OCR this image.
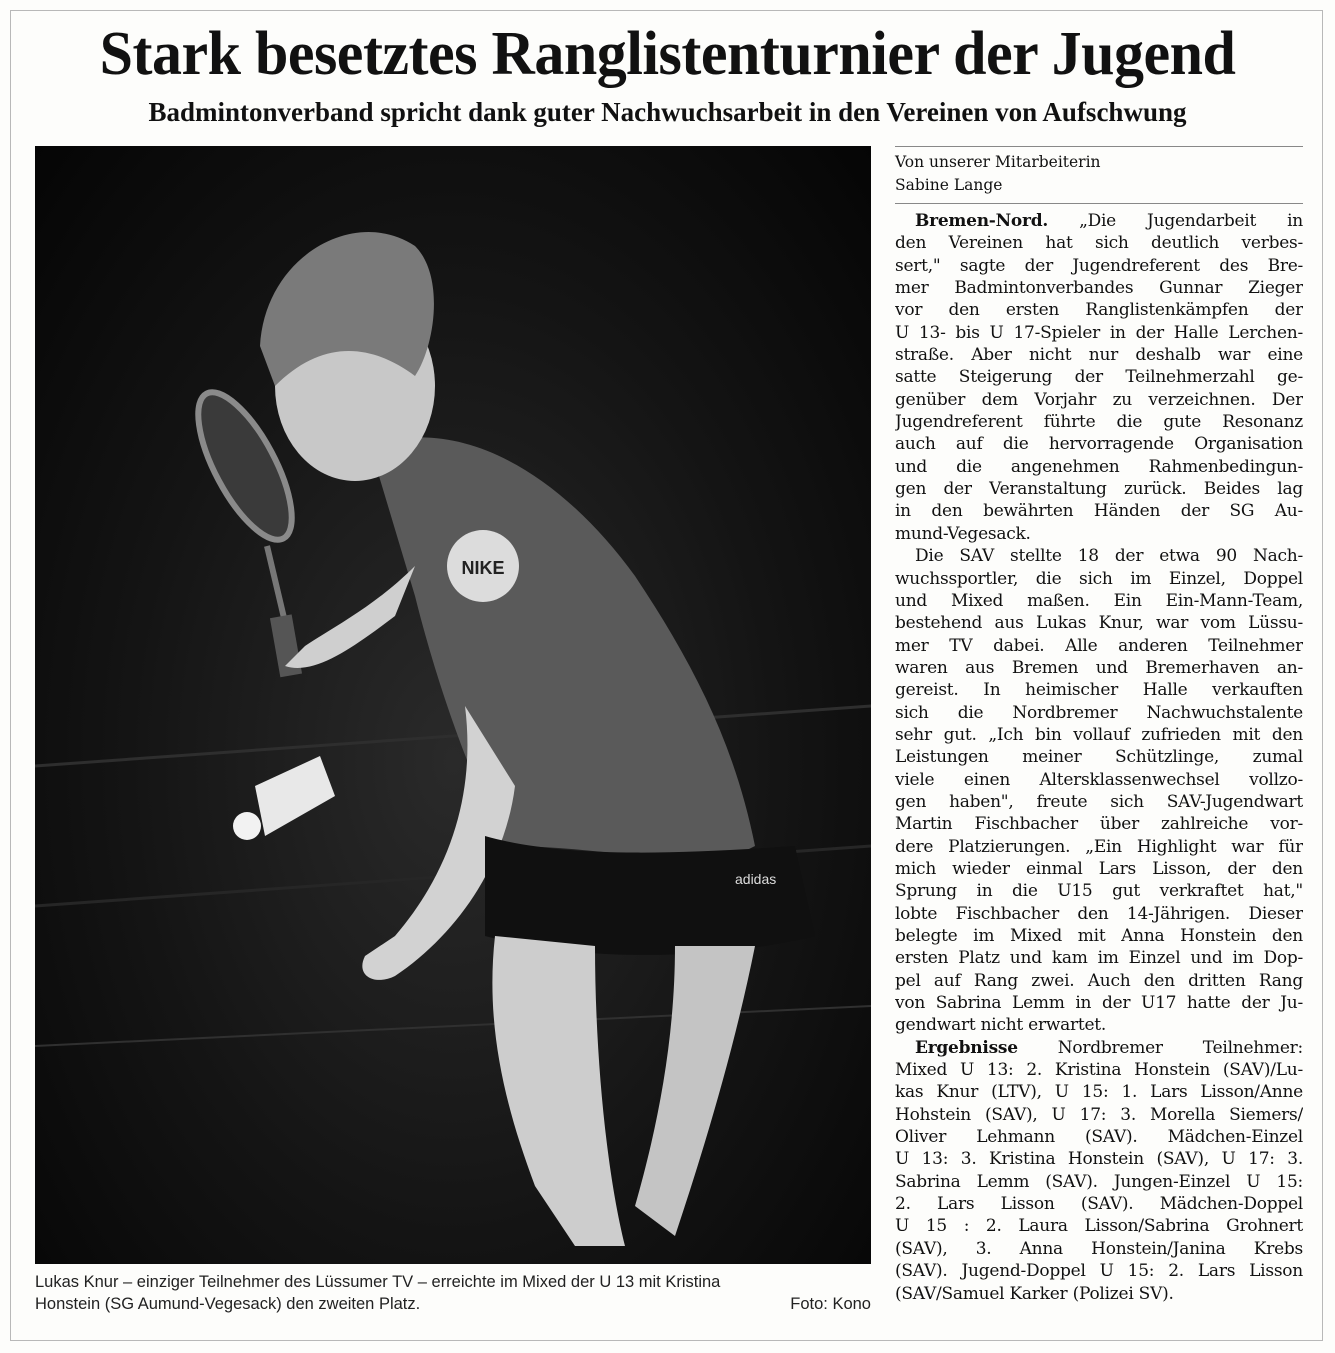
Stark besetztes Ranglistenturnier der Jugend
Badmintonverband spricht dank guter Nachwuchsarbeit in den Vereinen von Aufschwung
NIKE
adidas
Lukas Knur – einziger Teilnehmer des Lüssumer TV – erreichte im Mixed der U 13 mit Kristina
Honstein (SG Aumund-Vegesack) den zweiten Platz.	Foto: Kono
Von unserer Mitarbeiterin
Sabine Lange
Bremen-Nord. „Die Jugendarbeit in
den Vereinen hat sich deutlich verbes-
sert," sagte der Jugendreferent des Bre-
mer Badmintonverbandes Gunnar Zieger
vor den ersten Ranglistenkämpfen der
U 13- bis U 17-Spieler in der Halle Lerchen-
straße. Aber nicht nur deshalb war eine
satte Steigerung der Teilnehmerzahl ge-
genüber dem Vorjahr zu verzeichnen. Der
Jugendreferent führte die gute Resonanz
auch auf die hervorragende Organisation
und die angenehmen Rahmenbedingun-
gen der Veranstaltung zurück. Beides lag
in den bewährten Händen der SG Au-
mund-Vegesack.
Die SAV stellte 18 der etwa 90 Nach-
wuchssportler, die sich im Einzel, Doppel
und Mixed maßen. Ein Ein-Mann-Team,
bestehend aus Lukas Knur, war vom Lüssu-
mer TV dabei. Alle anderen Teilnehmer
waren aus Bremen und Bremerhaven an-
gereist. In heimischer Halle verkauften
sich die Nordbremer Nachwuchstalente
sehr gut. „Ich bin vollauf zufrieden mit den
Leistungen meiner Schützlinge, zumal
viele einen Altersklassenwechsel vollzo-
gen haben", freute sich SAV-Jugendwart
Martin Fischbacher über zahlreiche vor-
dere Platzierungen. „Ein Highlight war für
mich wieder einmal Lars Lisson, der den
Sprung in die U15 gut verkraftet hat,"
lobte Fischbacher den 14-Jährigen. Dieser
belegte im Mixed mit Anna Honstein den
ersten Platz und kam im Einzel und im Dop-
pel auf Rang zwei. Auch den dritten Rang
von Sabrina Lemm in der U17 hatte der Ju-
gendwart nicht erwartet.
Ergebnisse Nordbremer Teilnehmer:
Mixed U 13: 2. Kristina Honstein (SAV)/Lu-
kas Knur (LTV), U 15: 1. Lars Lisson/Anne
Hohstein (SAV), U 17: 3. Morella Siemers/
Oliver Lehmann (SAV). Mädchen-Einzel
U 13: 3. Kristina Honstein (SAV), U 17: 3.
Sabrina Lemm (SAV). Jungen-Einzel U 15:
2. Lars Lisson (SAV). Mädchen-Doppel
U 15 : 2. Laura Lisson/Sabrina Grohnert
(SAV), 3. Anna Honstein/Janina Krebs
(SAV). Jugend-Doppel U 15: 2. Lars Lisson
(SAV/Samuel Karker (Polizei SV).
